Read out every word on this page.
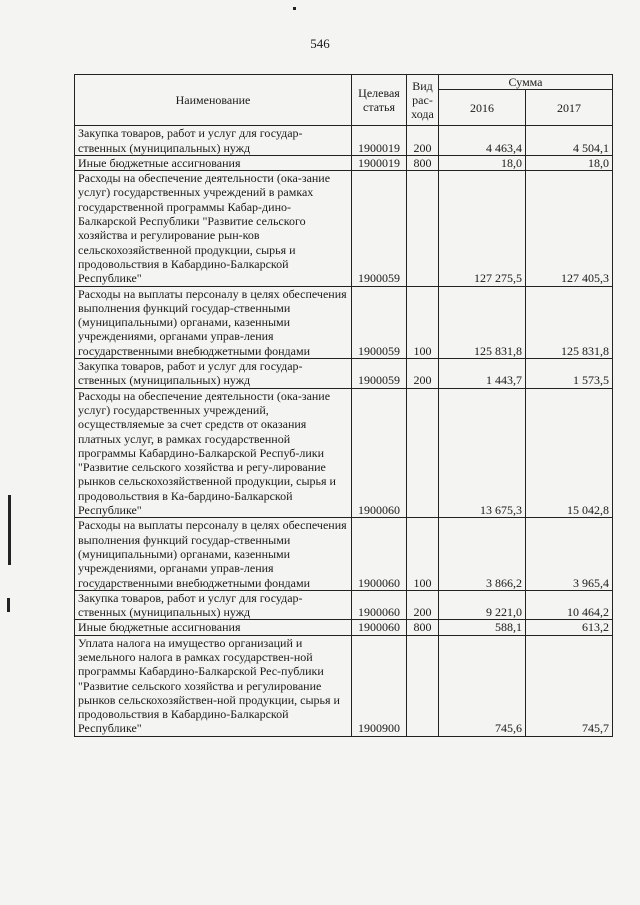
546
Наименование	Целевая статья	Вид рас-хода	Сумма	
			2016	2017
Закупка товаров, работ и услуг для государ-ственных (муниципальных) нужд	1900019	200	4 463,4	4 504,1
Иные бюджетные ассигнования	1900019	800	18,0	18,0
Расходы на обеспечение деятельности (ока-зание услуг) государственных учреждений в рамках государственной программы Кабар-дино-Балкарской Республики "Развитие сельского хозяйства и регулирование рын-ков сельскохозяйственной продукции, сырья и продовольствия в Кабардино-Балкарской Республике"	1900059		127 275,5	127 405,3
Расходы на выплаты персоналу в целях обеспечения выполнения функций государ-ственными (муниципальными) органами, казенными учреждениями, органами управ-ления государственными внебюджетными фондами	1900059	100	125 831,8	125 831,8
Закупка товаров, работ и услуг для государ-ственных (муниципальных) нужд	1900059	200	1 443,7	1 573,5
Расходы на обеспечение деятельности (ока-зание услуг) государственных учреждений, осуществляемые за счет средств от оказания платных услуг, в рамках государственной программы Кабардино-Балкарской Респуб-лики "Развитие сельского хозяйства и регу-лирование рынков сельскохозяйственной продукции, сырья и продовольствия в Ка-бардино-Балкарской Республике"	1900060		13 675,3	15 042,8
Расходы на выплаты персоналу в целях обеспечения выполнения функций государ-ственными (муниципальными) органами, казенными учреждениями, органами управ-ления государственными внебюджетными фондами	1900060	100	3 866,2	3 965,4
Закупка товаров, работ и услуг для государ-ственных (муниципальных) нужд	1900060	200	9 221,0	10 464,2
Иные бюджетные ассигнования	1900060	800	588,1	613,2
Уплата налога на имущество организаций и земельного налога в рамках государствен-ной программы Кабардино-Балкарской Рес-публики "Развитие сельского хозяйства и регулирование рынков сельскохозяйствен-ной продукции, сырья и продовольствия в Кабардино-Балкарской Республике"	1900900		745,6	745,7
